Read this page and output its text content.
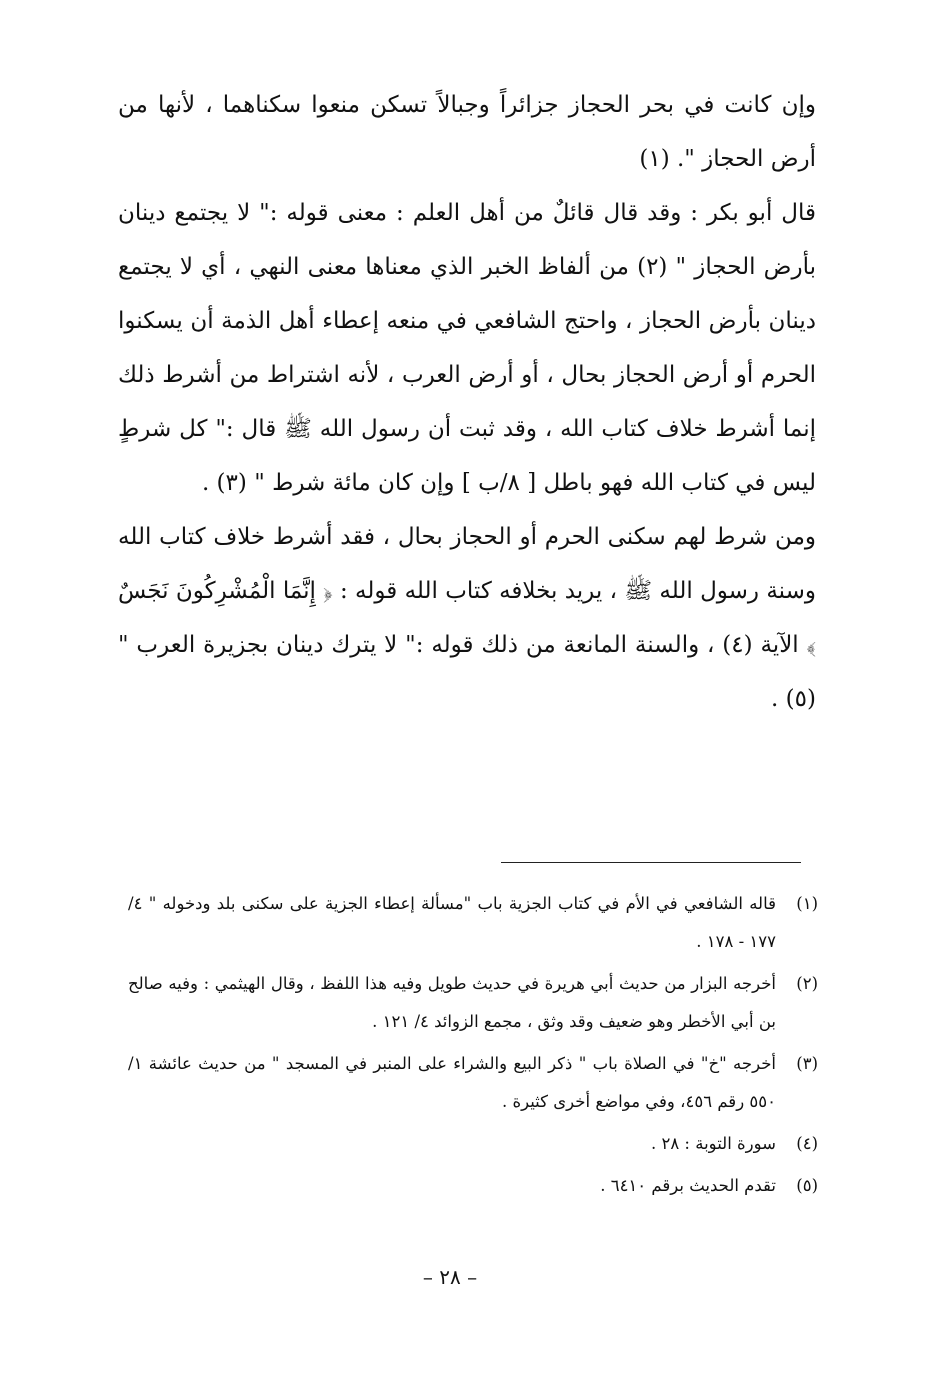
وإن كانت في بحر الحجاز جزائراً وجبالاً تسكن منعوا سكناهما ، لأنها من أرض الحجاز ". (١)

قال أبو بكر : وقد قال قائلٌ من أهل العلم : معنى قوله :" لا يجتمع دينان بأرض الحجاز " (٢) من ألفاظ الخبر الذي معناها معنى النهي ، أي لا يجتمع دينان بأرض الحجاز ، واحتج الشافعي في منعه إعطاء أهل الذمة أن يسكنوا الحرم أو أرض الحجاز بحال ، أو أرض العرب ، لأنه اشتراط من أشرط ذلك إنما أشرط خلاف كتاب الله ، وقد ثبت أن رسول الله ﷺ قال :" كل شرطٍ ليس في كتاب الله فهو باطل [ ٨/ب ] وإن كان مائة شرط " (٣) .

ومن شرط لهم سكنى الحرم أو الحجاز بحال ، فقد أشرط خلاف كتاب الله وسنة رسول الله ﷺ ، يريد بخلافه كتاب الله قوله : ﴿ إِنَّمَا الْمُشْرِكُونَ نَجَسٌ ﴾ الآية (٤) ، والسنة المانعة من ذلك قوله :" لا يترك دينان بجزيرة العرب " (٥) .

(١)
قاله الشافعي في الأم في كتاب الجزية باب "مسألة إعطاء الجزية على سكنى بلد ودخوله " ٤/ ١٧٧ - ١٧٨ .
(٢)
أخرجه البزار من حديث أبي هريرة في حديث طويل وفيه هذا اللفظ ، وقال الهيثمي : وفيه صالح بن أبي الأخطر وهو ضعيف وقد وثق ، مجمع الزوائد ٤/ ١٢١ .
(٣)
أخرجه "خ" في الصلاة باب " ذكر البيع والشراء على المنبر في المسجد " من حديث عائشة ١/ ٥٥٠ رقم ٤٥٦، وفي مواضع أخرى كثيرة .
(٤)
سورة التوبة : ٢٨ .
(٥)
تقدم الحديث برقم ٦٤١٠ .
– ٢٨ –
